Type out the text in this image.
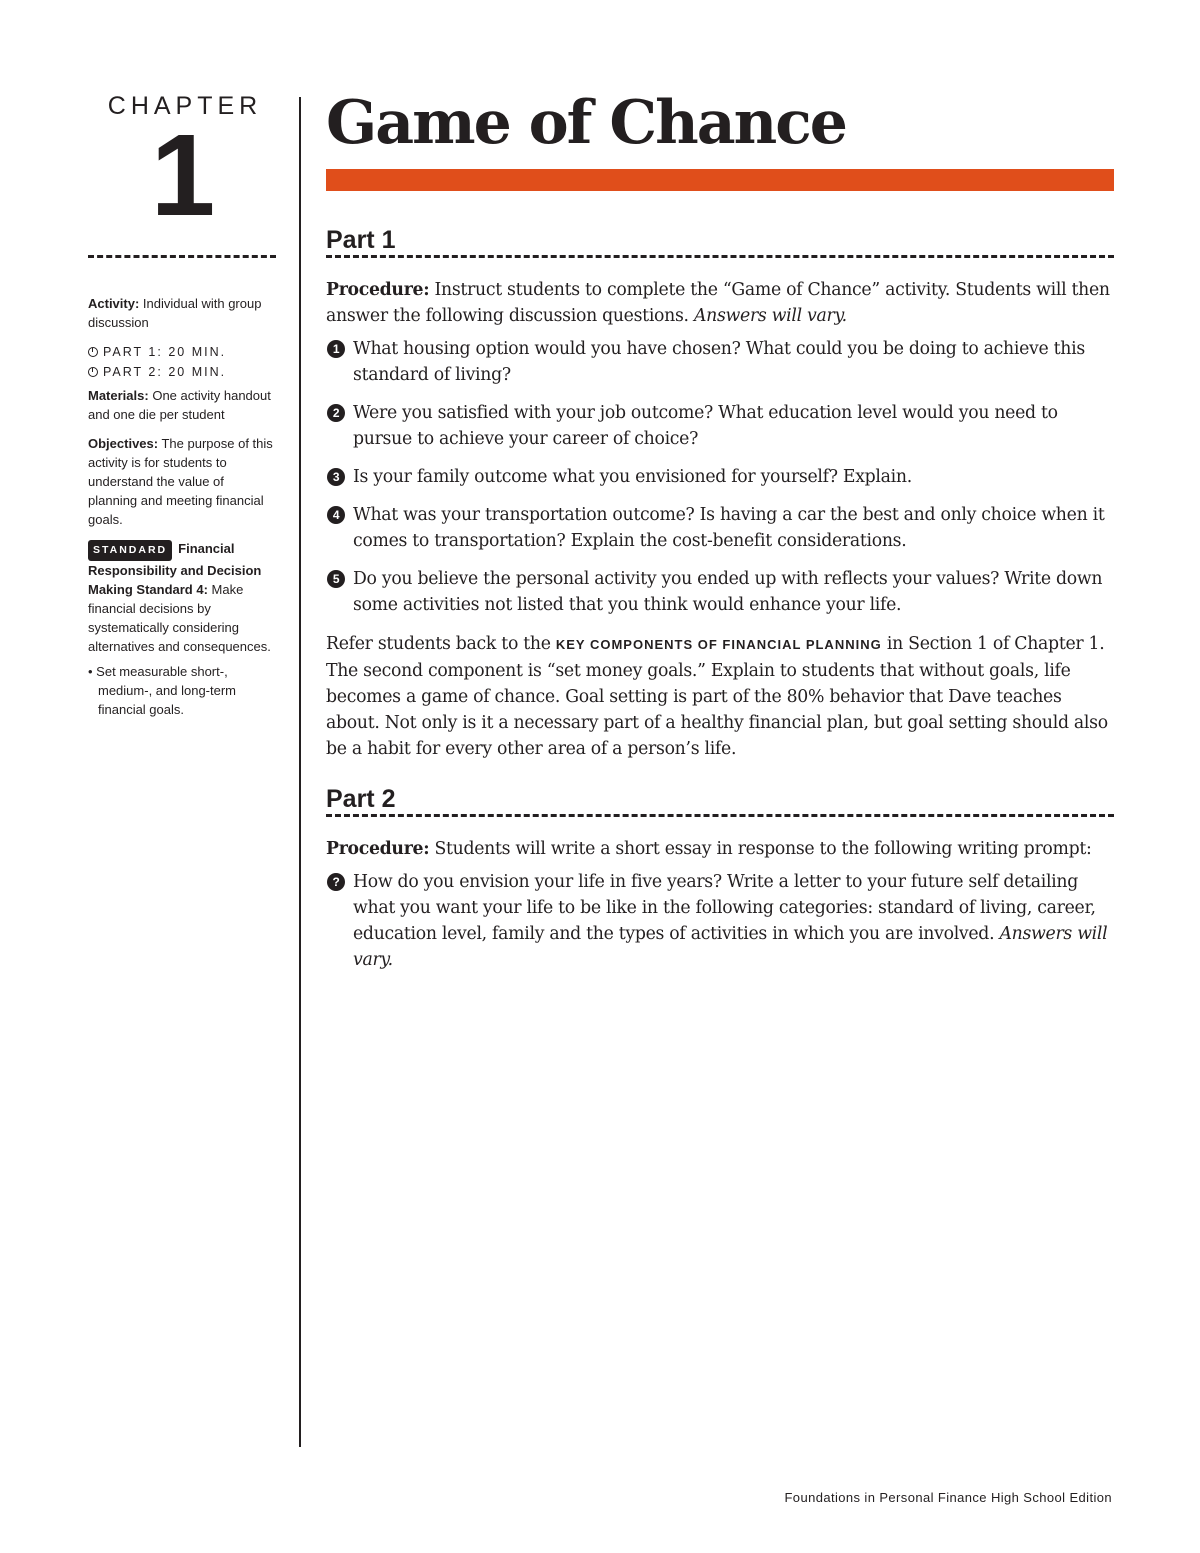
CHAPTER
1
Activity: Individual with group discussion
PART 1: 20 MIN.
PART 2: 20 MIN.
Materials: One activity handout and one die per student
Objectives: The purpose of this activity is for students to understand the value of planning and meeting financial goals.
STANDARD Financial Responsibility and Decision Making Standard 4: Make financial decisions by systematically considering alternatives and consequences.
• Set measurable short-, medium-, and long-term financial goals.
Game of Chance
Part 1
Procedure: Instruct students to complete the “Game of Chance” activity. Students will then answer the following discussion questions. Answers will vary.
1 What housing option would you have chosen? What could you be doing to achieve this standard of living?
2 Were you satisfied with your job outcome? What education level would you need to pursue to achieve your career of choice?
3 Is your family outcome what you envisioned for yourself? Explain.
4 What was your transportation outcome? Is having a car the best and only choice when it comes to transportation? Explain the cost-benefit considerations.
5 Do you believe the personal activity you ended up with reflects your values? Write down some activities not listed that you think would enhance your life.
Refer students back to the KEY COMPONENTS OF FINANCIAL PLANNING in Section 1 of Chapter 1. The second component is “set money goals.” Explain to students that without goals, life becomes a game of chance. Goal setting is part of the 80% behavior that Dave teaches about. Not only is it a necessary part of a healthy financial plan, but goal setting should also be a habit for every other area of a person’s life.
Part 2
Procedure: Students will write a short essay in response to the following writing prompt:
? How do you envision your life in five years? Write a letter to your future self detailing what you want your life to be like in the following categories: standard of living, career, education level, family and the types of activities in which you are involved. Answers will vary.
Foundations in Personal Finance High School Edition
